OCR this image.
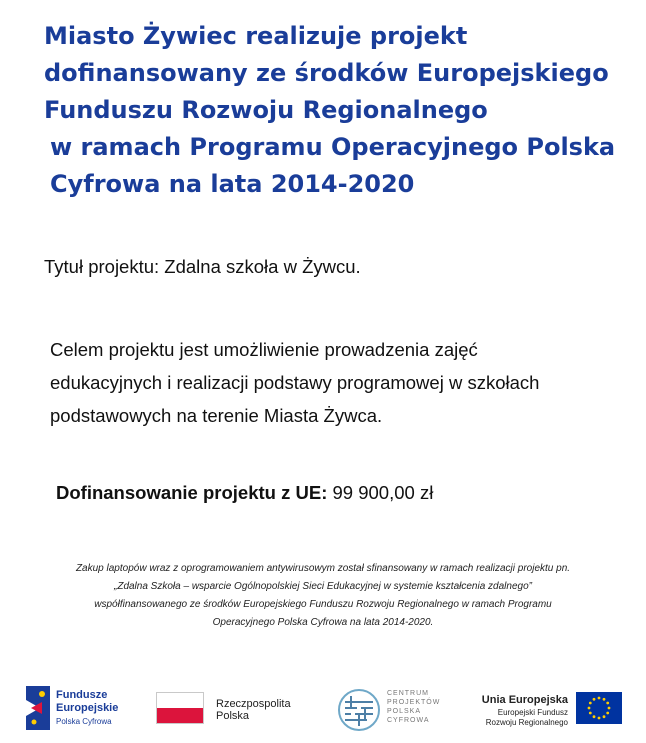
Miasto Żywiec realizuje projekt
dofinansowany ze środków Europejskiego
Funduszu Rozwoju Regionalnego
w ramach Programu Operacyjnego Polska
Cyfrowa na lata 2014-2020
Tytuł projektu: Zdalna szkoła w Żywcu.
Celem projektu jest umożliwienie prowadzenia zajęć
edukacyjnych i realizacji podstawy programowej w szkołach
podstawowych na terenie Miasta Żywca.
Dofinansowanie projektu z UE: 99 900,00 zł
Zakup laptopów wraz z oprogramowaniem antywirusowym został sfinansowany w ramach realizacji projektu pn.
„Zdalna Szkoła – wsparcie Ogólnopolskiej Sieci Edukacyjnej w systemie kształcenia zdalnego”
współfinansowanego ze środków Europejskiego Funduszu Rozwoju Regionalnego w ramach Programu
Operacyjnego Polska Cyfrowa na lata 2014-2020.
Fundusze
Europejskie
Polska Cyfrowa
Rzeczpospolita
Polska
CENTRUM
PROJEKTÓW
POLSKA
CYFROWA
Unia Europejska
Europejski Fundusz
Rozwoju Regionalnego
